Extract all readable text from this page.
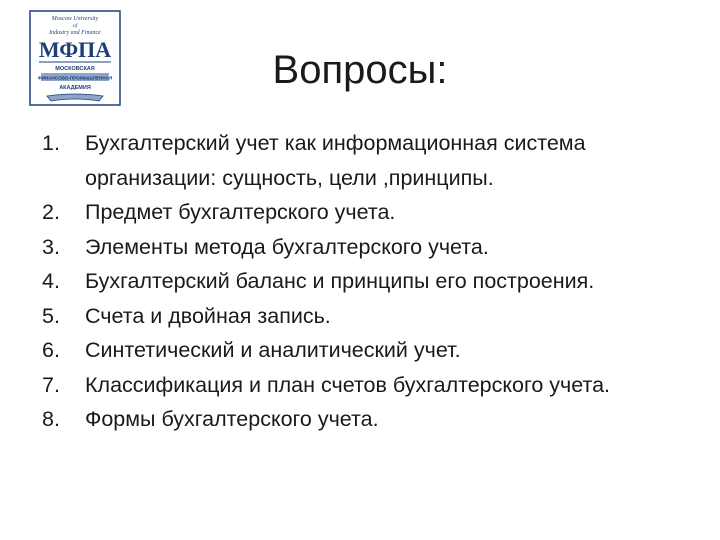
Moscow University
of
Industry and Finance
МФПА
МОСКОВСКАЯ
ФИНАНСОВО-ПРОМЫШЛЕННАЯ
АКАДЕМИЯ	Вопросы:
1.	Бухгалтерский учет как информационная система организации: сущность, цели ,принципы.
2.	Предмет бухгалтерского учета.
3.	Элементы метода бухгалтерского учета.
4.	Бухгалтерский баланс и принципы его построения.
5.	Счета и двойная запись.
6.	Синтетический и аналитический учет.
7.	Классификация и план счетов бухгалтерского учета.
8.	Формы бухгалтерского учета.
